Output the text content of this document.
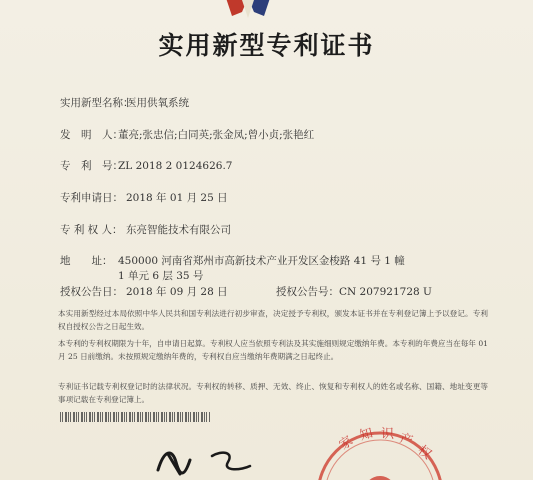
实用新型专利证书
实用新型名称：医用供氧系统
发　明　人：董亮;张忠信;白同英;张金凤;曾小贞;张艳红
专　利　号：ZL 2018 2 0124626.7
专利申请日： 2018 年 01 月 25 日
专 利 权 人： 东亮智能技术有限公司
地　　址： 450000 河南省郑州市高新技术产业开发区金梭路 41 号 1 幢
1 单元 6 层 35 号
授权公告日： 2018 年 09 月 28 日	授权公告号：CN 207921728 U
本实用新型经过本局依照中华人民共和国专利法进行初步审查，决定授予专利权，颁发本证书并在专利登记簿上予以登记。专利权自授权公告之日起生效。
本专利的专利权期限为十年，自申请日起算。专利权人应当依照专利法及其实施细则规定缴纳年费。本专利的年费应当在每年 01 月 25 日前缴纳。未按照规定缴纳年费的，专利权自应当缴纳年费期满之日起终止。
专利证书记载专利权登记时的法律状况。专利权的转移、质押、无效、终止、恢复和专利权人的姓名或名称、国籍、地址变更等事项记载在专利登记簿上。
家 知 识 产
权
